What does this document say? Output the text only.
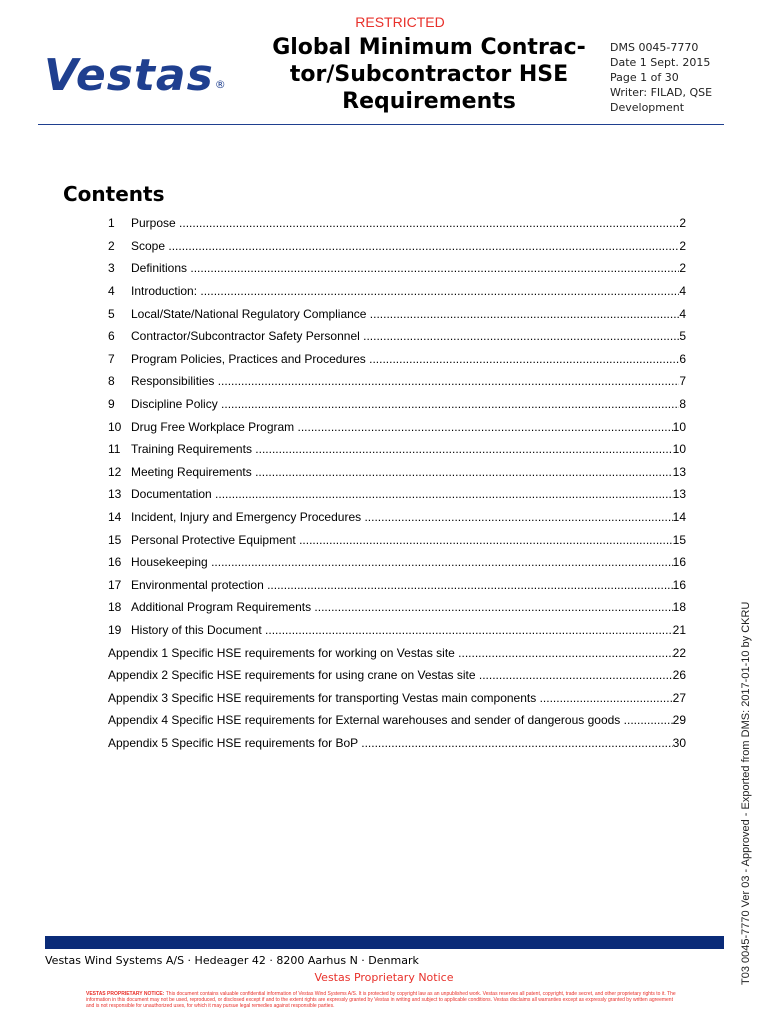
Vestas®
RESTRICTED
Global Minimum Contrac-
tor/Subcontractor HSE
Requirements
DMS 0045-7770
Date 1 Sept. 2015
Page 1 of 30
Writer: FILAD, QSE
Development
Contents
1	Purpose .....	2
2	Scope .....	2
3	Definitions .....	2
4	Introduction: .....	4
5	Local/State/National Regulatory Compliance .....	4
6	Contractor/Subcontractor Safety Personnel .....	5
7	Program Policies, Practices and Procedures .....	6
8	Responsibilities .....	7
9	Discipline Policy .....	8
10 Drug Free Workplace Program .....	10
11 Training Requirements .....	10
12 Meeting Requirements .....	13
13 Documentation .....	13
14 Incident, Injury and Emergency Procedures .....	14
15 Personal Protective Equipment .....	15
16 Housekeeping .....	16
17 Environmental protection .....	16
18 Additional Program Requirements .....	18
19 History of this Document .....	21
Appendix 1 Specific HSE requirements for working on Vestas site .....	22
Appendix 2 Specific HSE requirements for using crane on Vestas site .....	26
Appendix 3 Specific HSE requirements for transporting Vestas main components .....	27
Appendix 4 Specific HSE requirements for External warehouses and sender of dangerous goods .....	29
Appendix 5 Specific HSE requirements for BoP .....	30	T03 0045-7770 Ver 03 - Approved - Exported from DMS: 2017-01-10 by CKRU
Vestas Wind Systems A/S · Hedeager 42 · 8200 Aarhus N · Denmark
Vestas Proprietary Notice
VESTAS PROPRIETARY NOTICE: This document contains valuable confidential information of Vestas Wind Systems A/S. It is protected by copyright law as an unpublished work. Vestas reserves all patent, copyright, trade secret, and other proprietary rights to it. The information in this document may not be used, reproduced, or disclosed except if and to the extent rights are expressly granted by Vestas in writing and subject to applicable conditions. Vestas disclaims all warranties except as expressly granted by written agreement and is not responsible for unauthorized uses, for which it may pursue legal remedies against responsible parties.
